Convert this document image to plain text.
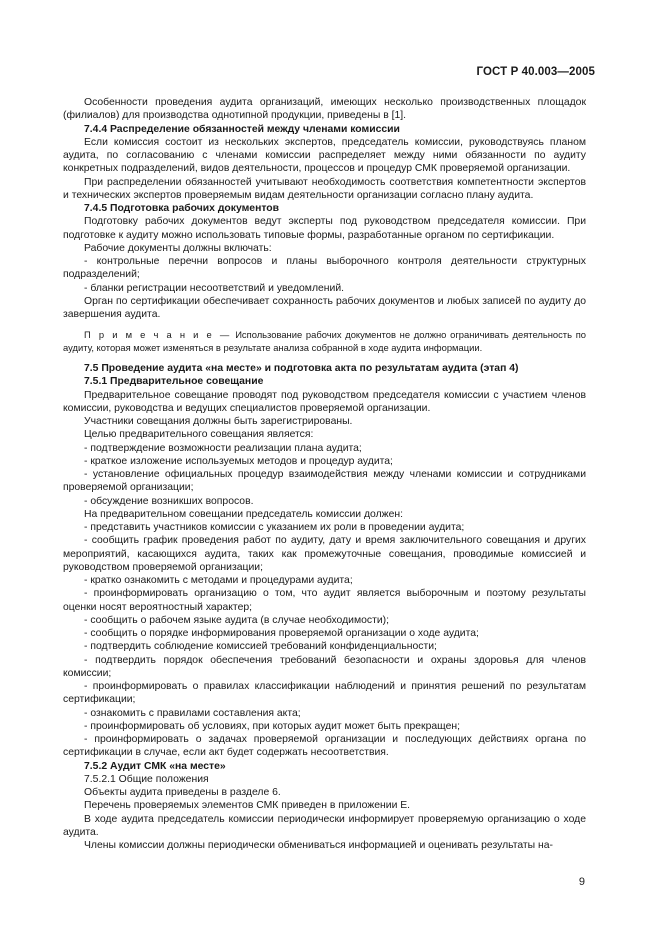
ГОСТ Р 40.003—2005

Особенности проведения аудита организаций, имеющих несколько производственных площадок (филиалов) для производства однотипной продукции, приведены в [1].

7.4.4 Распределение обязанностей между членами комиссии

Если комиссия состоит из нескольких экспертов, председатель комиссии, руководствуясь планом аудита, по согласованию с членами комиссии распределяет между ними обязанности по аудиту конкретных подразделений, видов деятельности, процессов и процедур СМК проверяемой организации.

При распределении обязанностей учитывают необходимость соответствия компетентности экспертов и технических экспертов проверяемым видам деятельности организации согласно плану аудита.

7.4.5 Подготовка рабочих документов

Подготовку рабочих документов ведут эксперты под руководством председателя комиссии. При подготовке к аудиту можно использовать типовые формы, разработанные органом по сертификации.

Рабочие документы должны включать:

- контрольные перечни вопросов и планы выборочного контроля деятельности структурных подразделений;

- бланки регистрации несоответствий и уведомлений.

Орган по сертификации обеспечивает сохранность рабочих документов и любых записей по аудиту до завершения аудита.

П р и м е ч а н и е — Использование рабочих документов не должно ограничивать деятельность по аудиту, которая может изменяться в результате анализа собранной в ходе аудита информации.

7.5 Проведение аудита «на месте» и подготовка акта по результатам аудита (этап 4)

7.5.1 Предварительное совещание

Предварительное совещание проводят под руководством председателя комиссии с участием членов комиссии, руководства и ведущих специалистов проверяемой организации.

Участники совещания должны быть зарегистрированы.

Целью предварительного совещания является:

- подтверждение возможности реализации плана аудита;

- краткое изложение используемых методов и процедур аудита;

- установление официальных процедур взаимодействия между членами комиссии и сотрудниками проверяемой организации;

- обсуждение возникших вопросов.

На предварительном совещании председатель комиссии должен:

- представить участников комиссии с указанием их роли в проведении аудита;

- сообщить график проведения работ по аудиту, дату и время заключительного совещания и других мероприятий, касающихся аудита, таких как промежуточные совещания, проводимые комиссией и руководством проверяемой организации;

- кратко ознакомить с методами и процедурами аудита;

- проинформировать организацию о том, что аудит является выборочным и поэтому результаты оценки носят вероятностный характер;

- сообщить о рабочем языке аудита (в случае необходимости);

- сообщить о порядке информирования проверяемой организации о ходе аудита;

- подтвердить соблюдение комиссией требований конфиденциальности;

- подтвердить порядок обеспечения требований безопасности и охраны здоровья для членов комиссии;

- проинформировать о правилах классификации наблюдений и принятия решений по результатам сертификации;

- ознакомить с правилами составления акта;

- проинформировать об условиях, при которых аудит может быть прекращен;

- проинформировать о задачах проверяемой организации и последующих действиях органа по сертификации в случае, если акт будет содержать несоответствия.

7.5.2 Аудит СМК «на месте»

7.5.2.1 Общие положения

Объекты аудита приведены в разделе 6.

Перечень проверяемых элементов СМК приведен в приложении Е.

В ходе аудита председатель комиссии периодически информирует проверяемую организацию о ходе аудита.

Члены комиссии должны периодически обмениваться информацией и оценивать результаты на-

9
